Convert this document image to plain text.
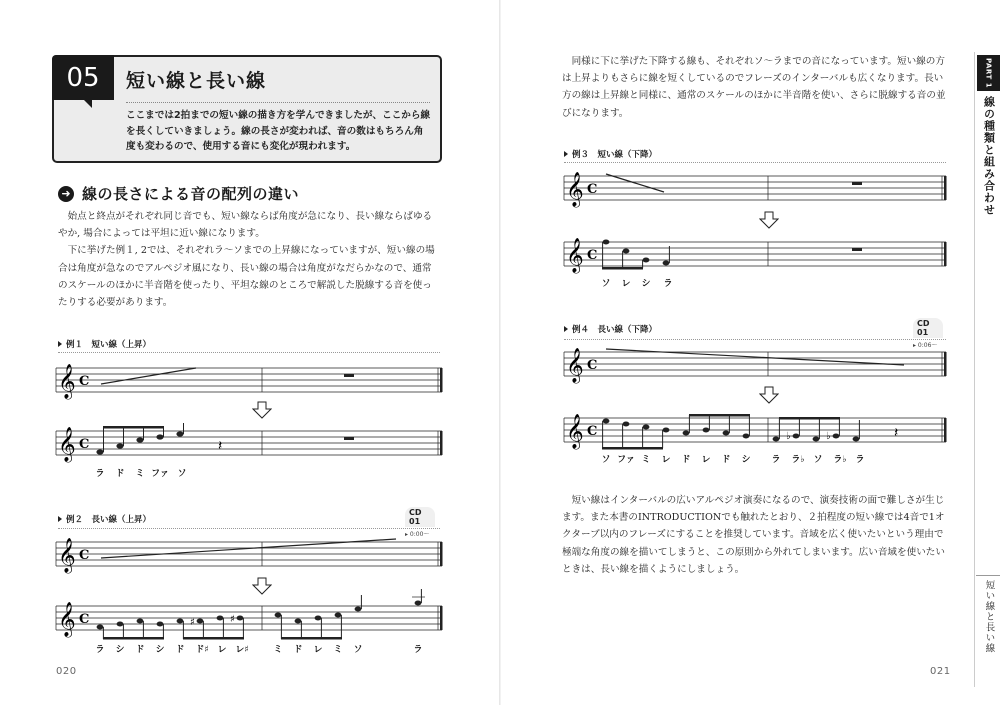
05	短い線と長い線
ここまでは2拍までの短い線の描き方を学んできましたが、ここから線を長くしていきましょう。線の長さが変われば、音の数はもちろん角度も変わるので、使用する音にも変化が現われます。
➜ 線の長さによる音の配列の違い

始点と終点がそれぞれ同じ音でも、短い線ならば角度が急になり、長い線ならばゆるやか, 場合によっては平坦に近い線になります。

下に挙げた例１, 2では、それぞれラ〜ソまでの上昇線になっていますが、短い線の場合は角度が急なのでアルペジオ風になり、長い線の場合は角度がなだらかなので、通常のスケールのほかに半音階を使ったり、平坦な線のところで解説した脱線する音を使ったりする必要があります。

例１　短い線（上昇）
𝄞 C
𝄞 C	𝄽
ラ ド ミ ファ ソ
例２　長い線（上昇）
CD 01
▸ 0:00〜
𝄞 C
𝄞 C	♯	♯
ラ シ ド シ ド ド♯ レ レ♯	ミ ド レ ミ ソ	ラ
020

同様に下に挙げた下降する線も、それぞれソ〜ラまでの音になっています。短い線の方は上昇よりもさらに線を短くしているのでフレーズのインターバルも広くなります。長い方の線は上昇線と同様に、通常のスケールのほかに半音階を使い、さらに脱線する音の並びになります。

例３　短い線（下降）
𝄞 C
𝄞 C
ソ レ シ ラ
例４　長い線（下降）
CD 01
▸ 0:06〜
𝄞 C
𝄞 C	♭	♭	𝄽
ソ ファ ミ レ ド レ ド シ ラ ラ♭ ソ ラ♭ ラ

短い線はインターバルの広いアルペジオ演奏になるので、演奏技術の面で難しさが生じます。また本書のINTRODUCTIONでも触れたとおり、２拍程度の短い線では4音で1オクターブ以内のフレーズにすることを推奨しています。音域を広く使いたいという理由で極端な角度の線を描いてしまうと、この原則から外れてしまいます。広い音域を使いたいときは、長い線を描くようにしましょう。

021
PART 1
線の種類と組み合わせ
短い線と長い線
